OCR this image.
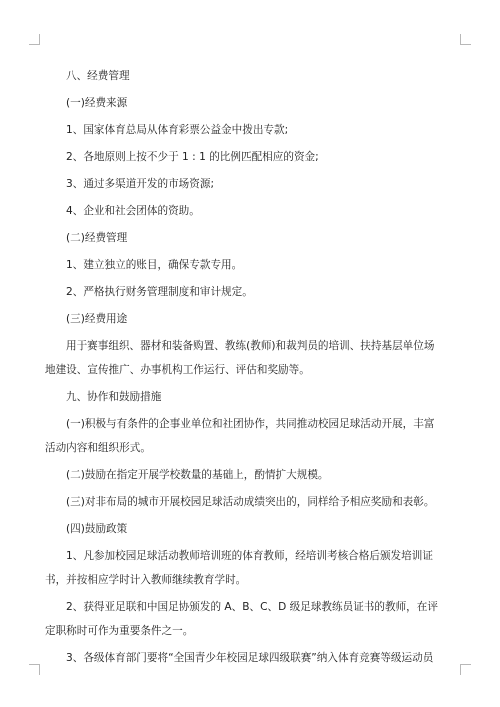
八、经费管理

(一)经费来源

1、国家体育总局从体育彩票公益金中拨出专款;

2、各地原则上按不少于 1 : 1 的比例匹配相应的资金;

3、通过多渠道开发的市场资源;

4、企业和社会团体的资助。

(二)经费管理

1、建立独立的账目，确保专款专用。

2、严格执行财务管理制度和审计规定。

(三)经费用途

用于赛事组织、器材和装备购置、教练(教师)和裁判员的培训、扶持基层单位场

地建设、宣传推广、办事机构工作运行、评估和奖励等。

九、协作和鼓励措施

(一)积极与有条件的企事业单位和社团协作，共同推动校园足球活动开展，丰富

活动内容和组织形式。

(二)鼓励在指定开展学校数量的基础上，酌情扩大规模。

(三)对非布局的城市开展校园足球活动成绩突出的，同样给予相应奖励和表彰。

(四)鼓励政策

1、凡参加校园足球活动教师培训班的体育教师，经培训考核合格后颁发培训证

书，并按相应学时计入教师继续教育学时。

2、获得亚足联和中国足协颁发的 A、B、C、D 级足球教练员证书的教师，在评

定职称时可作为重要条件之一。

3、各级体育部门要将“全国青少年校园足球四级联赛”纳入体育竞赛等级运动员
